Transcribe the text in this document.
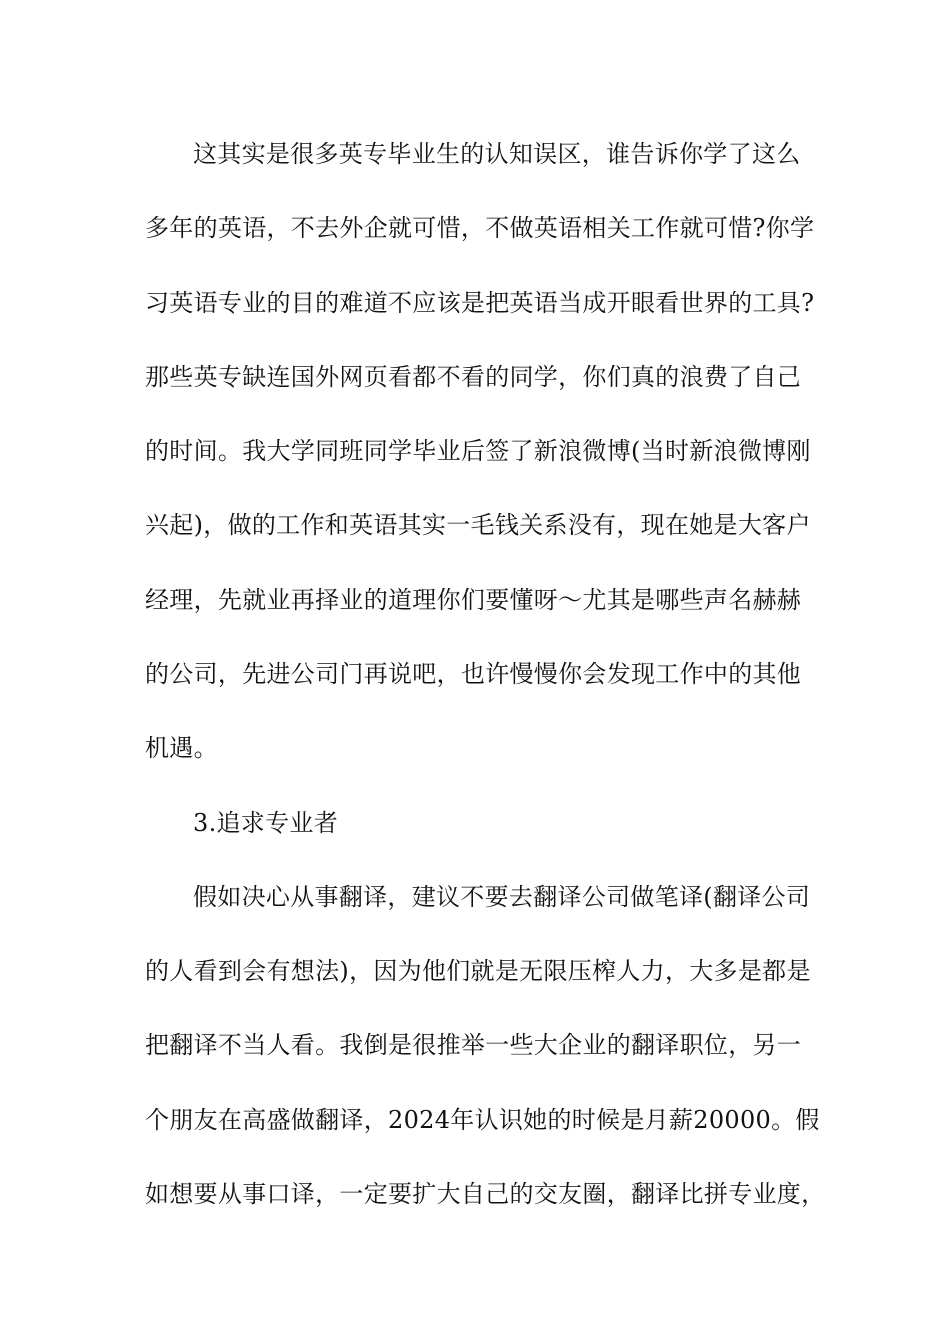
这其实是很多英专毕业生的认知误区，谁告诉你学了这么
多年的英语，不去外企就可惜，不做英语相关工作就可惜?你学
习英语专业的目的难道不应该是把英语当成开眼看世界的工具?
那些英专缺连国外网页看都不看的同学，你们真的浪费了自己
的时间。我大学同班同学毕业后签了新浪微博(当时新浪微博刚
兴起)，做的工作和英语其实一毛钱关系没有，现在她是大客户
经理，先就业再择业的道理你们要懂呀～尤其是哪些声名赫赫
的公司，先进公司门再说吧，也许慢慢你会发现工作中的其他
机遇。
3.追求专业者
假如决心从事翻译，建议不要去翻译公司做笔译(翻译公司
的人看到会有想法)，因为他们就是无限压榨人力，大多是都是
把翻译不当人看。我倒是很推举一些大企业的翻译职位，另一
个朋友在高盛做翻译，2024年认识她的时候是月薪20000。假
如想要从事口译，一定要扩大自己的交友圈，翻译比拼专业度，
